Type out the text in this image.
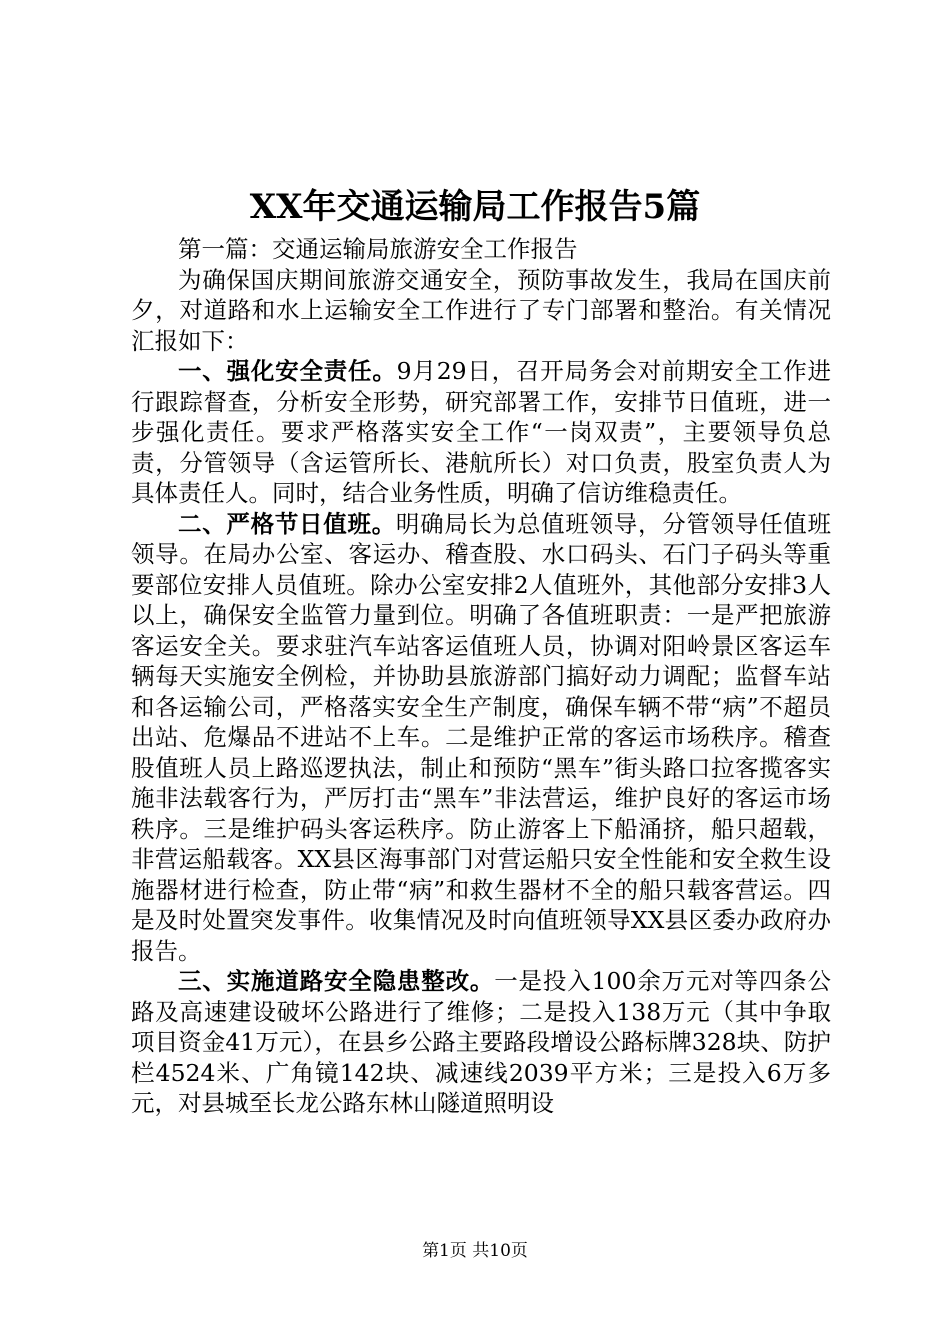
XX年交通运输局工作报告5篇

第一篇：交通运输局旅游安全工作报告

为确保国庆期间旅游交通安全，预防事故发生，我局在国庆前夕，对道路和水上运输安全工作进行了专门部署和整治。有关情况汇报如下：

一、强化安全责任。9月29日，召开局务会对前期安全工作进行跟踪督查，分析安全形势，研究部署工作，安排节日值班，进一步强化责任。要求严格落实安全工作“一岗双责”，主要领导负总责，分管领导（含运管所长、港航所长）对口负责，股室负责人为具体责任人。同时，结合业务性质，明确了信访维稳责任。

二、严格节日值班。明确局长为总值班领导，分管领导任值班领导。在局办公室、客运办、稽查股、水口码头、石门子码头等重要部位安排人员值班。除办公室安排2人值班外，其他部分安排3人以上，确保安全监管力量到位。明确了各值班职责：一是严把旅游客运安全关。要求驻汽车站客运值班人员，协调对阳岭景区客运车辆每天实施安全例检，并协助县旅游部门搞好动力调配；监督车站和各运输公司，严格落实安全生产制度，确保车辆不带“病”不超员出站、危爆品不进站不上车。二是维护正常的客运市场秩序。稽查股值班人员上路巡逻执法，制止和预防“黑车”街头路口拉客揽客实施非法载客行为，严厉打击“黑车”非法营运，维护良好的客运市场秩序。三是维护码头客运秩序。防止游客上下船涌挤，船只超载，非营运船载客。XX县区海事部门对营运船只安全性能和安全救生设施器材进行检查，防止带“病”和救生器材不全的船只载客营运。四是及时处置突发事件。收集情况及时向值班领导XX县区委办政府办报告。

三、实施道路安全隐患整改。一是投入100余万元对等四条公路及高速建设破坏公路进行了维修；二是投入138万元（其中争取项目资金41万元），在县乡公路主要路段增设公路标牌328块、防护栏4524米、广角镜142块、减速线2039平方米；三是投入6万多元，对县城至长龙公路东林山隧道照明设

第1页 共10页
